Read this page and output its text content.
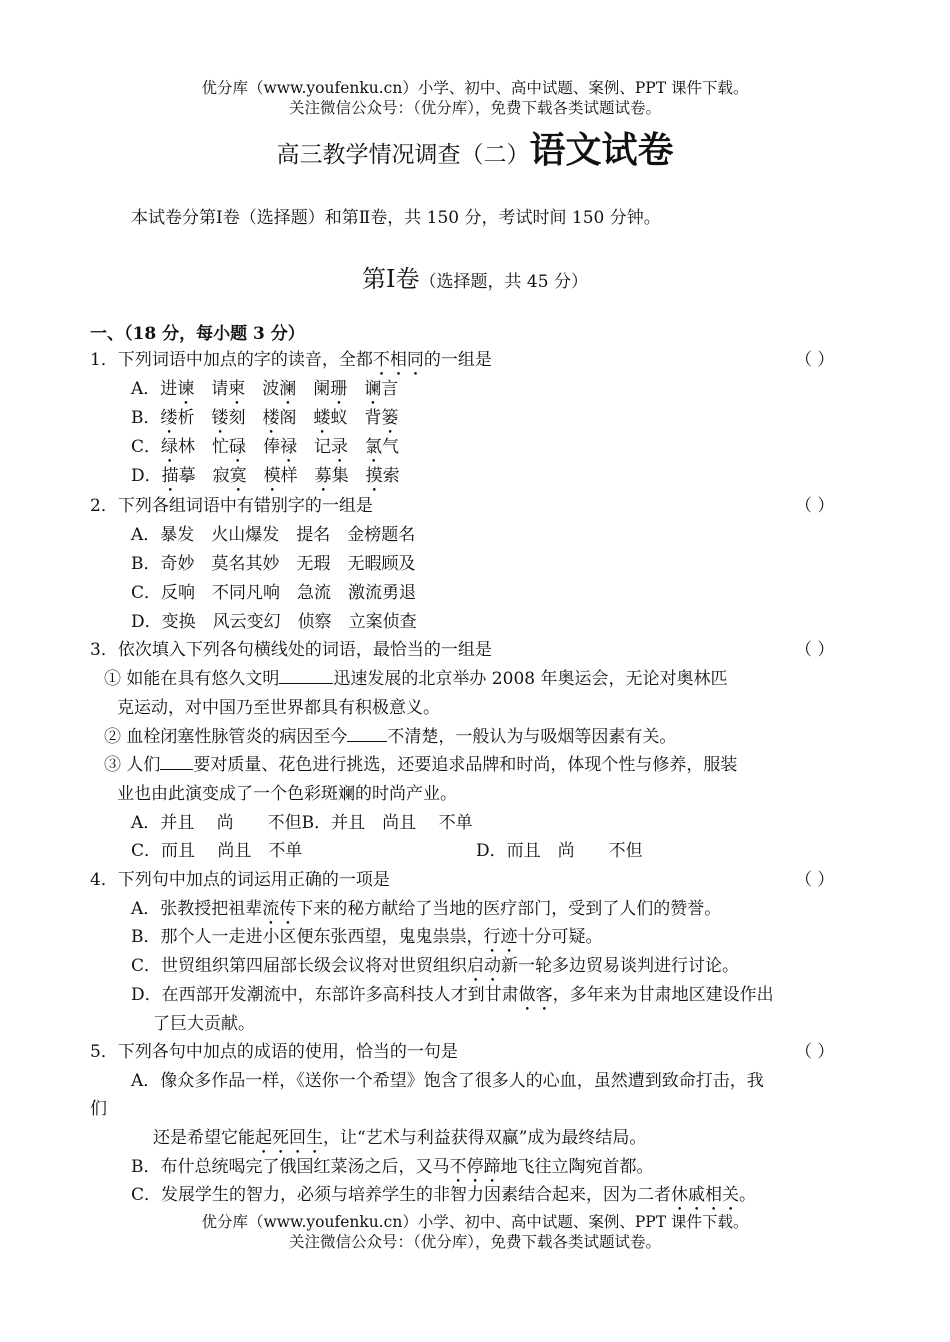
优分库（www.youfenku.cn）小学、初中、高中试题、案例、PPT 课件下载。
关注微信公众号：（优分库），免费下载各类试题试卷。
高三教学情况调查（二）语文试卷
本试卷分第Ⅰ卷（选择题）和第Ⅱ卷，共 150 分，考试时间 150 分钟。
第Ⅰ卷（选择题，共 45 分）
一、（18 分，每小题 3 分）
1．下列词语中加点的字的读音，全都不相同的一组是	（ ）
A．进谏　请柬　波澜　阑珊　 谰言
B．缕析　镂刻　楼阁　蝼蚁　背篓
C．绿林　忙碌　俸禄　记录　 氯气
D．描摹　寂寞　 模样　募集　摸索
2．下列各组词语中有错别字的一组是	（ ）
A．暴发　火山爆发　提名　金榜题名
B．奇妙　莫名其妙　无瑕　无暇顾及
C．反响　不同凡响　急流　激流勇退
D．变换　风云变幻　侦察　立案侦查
3．依次填入下列各句横线处的词语，最恰当的一组是	（ ）
① 如能在具有悠久文明	迅速发展的北京举办 2008 年奥运会，无论对奥林匹
克运动，对中国乃至世界都具有积极意义。
② 血栓闭塞性脉管炎的病因至今 不清楚，一般认为与吸烟等因素有关。
③ 人们 要对质量、花色进行挑选，还要追求品牌和时尚，体现个性与修养，服装
业也由此演变成了一个色彩斑斓的时尚产业。
A．并且　 尚　　不但B．并且　尚且　 不单
C．而且　 尚且　不单	D．而且　尚　　不但
4．下列句中加点的词运用正确的一项是	（ ）
A．张教授把祖辈流传下来的秘方献给了当地的医疗部门，受到了人们的赞誉。
B．那个人一走进小区便东张西望，鬼鬼祟祟，行迹十分可疑。
C．世贸组织第四届部长级会议将对世贸组织启动新一轮多边贸易谈判进行讨论。
D．在西部开发潮流中，东部许多高科技人才到甘肃做客，多年来为甘肃地区建设作出
了巨大贡献。
5．下列各句中加点的成语的使用，恰当的一句是	（ ）
A．像众多作品一样，《送你一个希望》饱含了很多人的心血，虽然遭到致命打击，我
们
还是希望它能起死回生，让“艺术与利益获得双赢”成为最终结局。
B．布什总统喝完了俄国红菜汤之后，又马不停蹄地飞往立陶宛首都。
C．发展学生的智力，必须与培养学生的非智力因素结合起来，因为二者休戚相关。
优分库（www.youfenku.cn）小学、初中、高中试题、案例、PPT 课件下载。
关注微信公众号：（优分库），免费下载各类试题试卷。
